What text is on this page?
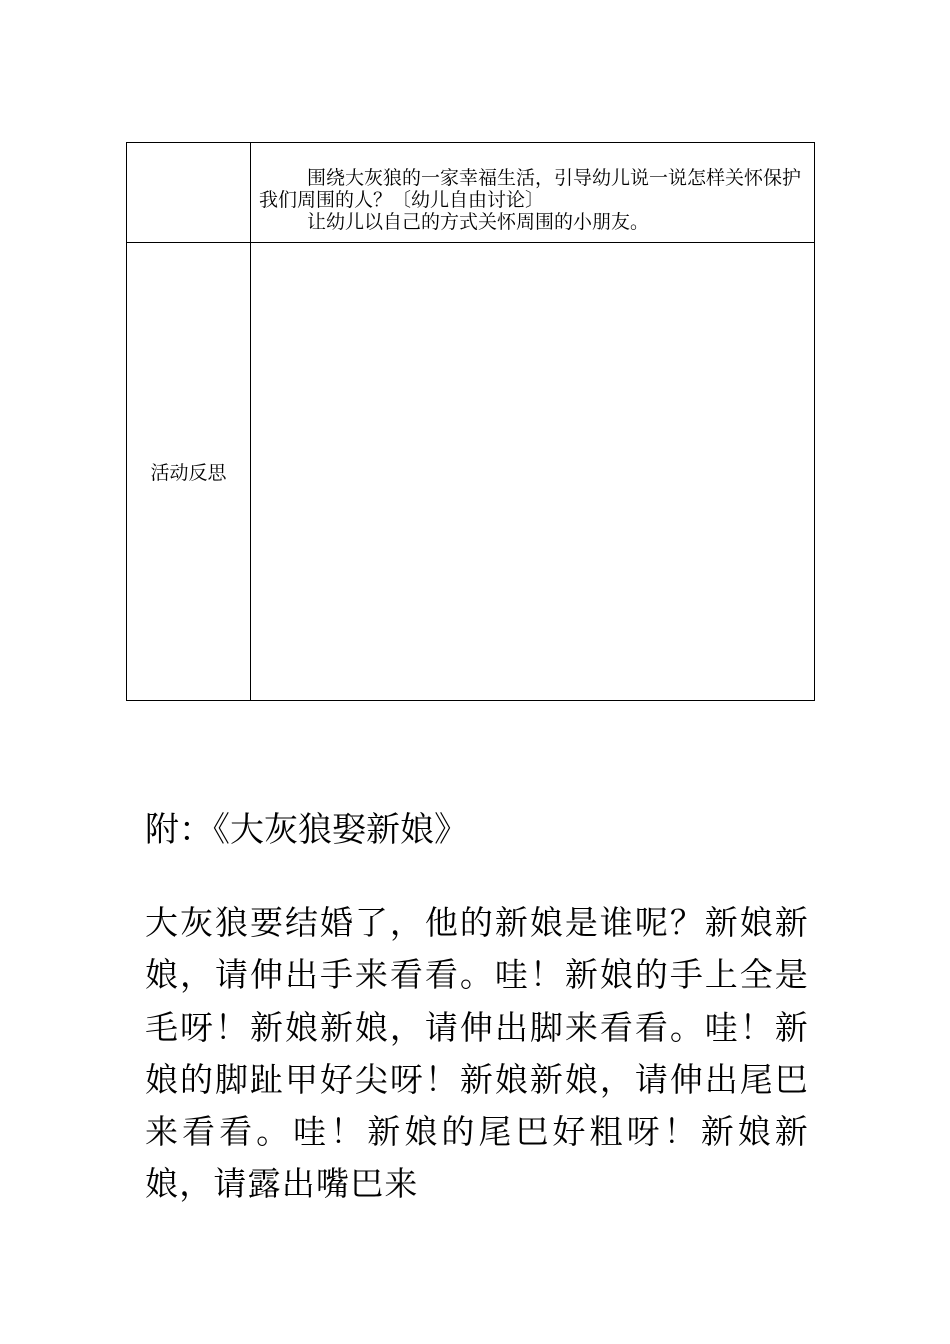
	围绕大灰狼的一家幸福生活，引导幼儿说一说怎样关怀保护我们周围的人？〔幼儿自由讨论〕

让幼儿以自己的方式关怀周围的小朋友。

活动反思	
附：《大灰狼娶新娘》

大灰狼要结婚了，他的新娘是谁呢？新娘新娘，请伸出手来看看。哇！新娘的手上全是毛呀！新娘新娘，请伸出脚来看看。哇！新娘的脚趾甲好尖呀！新娘新娘，请伸出尾巴来看看。哇！新娘的尾巴好粗呀！新娘新娘，请露出嘴巴来
